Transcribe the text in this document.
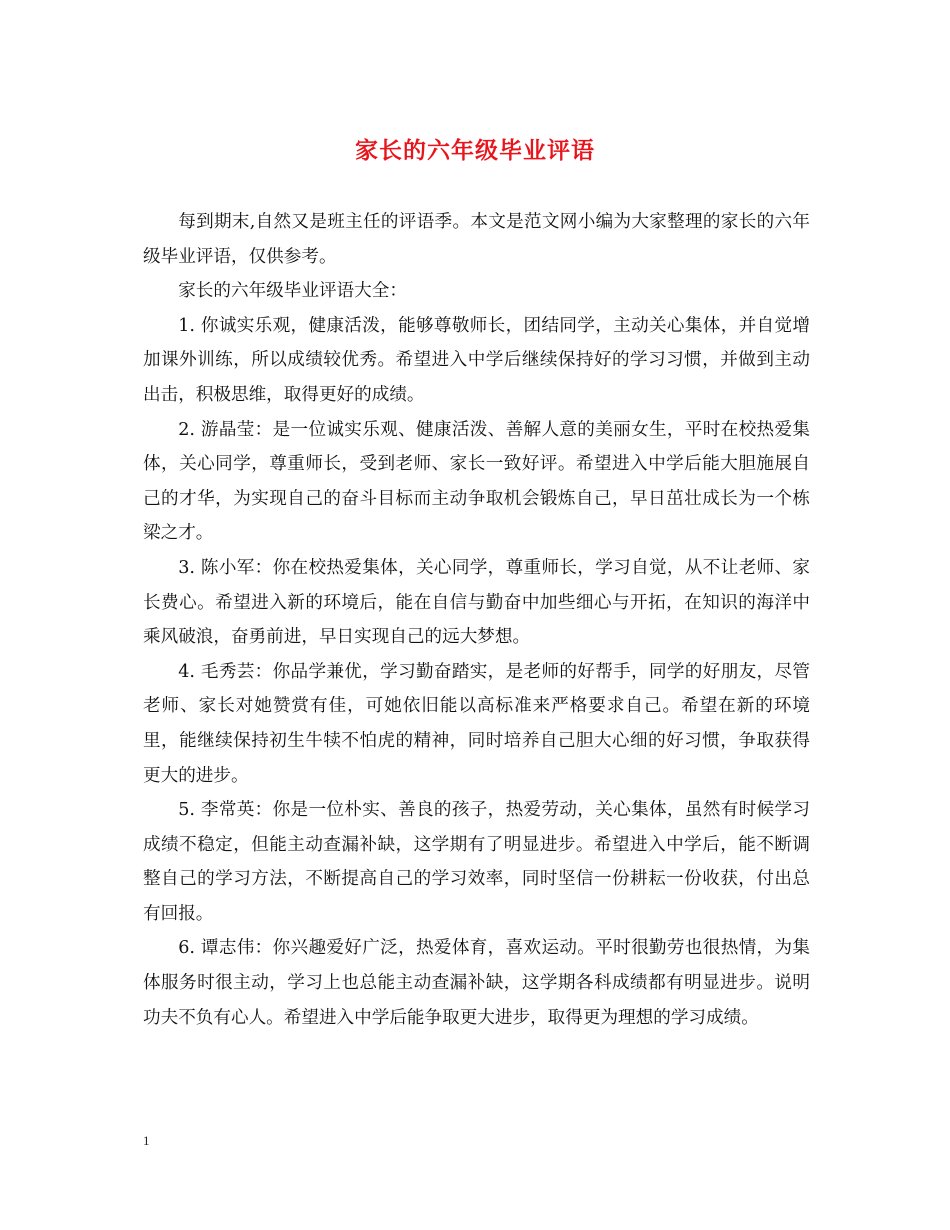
家长的六年级毕业评语

每到期末,自然又是班主任的评语季。本文是范文网小编为大家整理的家长的六年级毕业评语，仅供参考。

家长的六年级毕业评语大全：

1. 你诚实乐观，健康活泼，能够尊敬师长，团结同学，主动关心集体，并自觉增加课外训练，所以成绩较优秀。希望进入中学后继续保持好的学习习惯，并做到主动出击，积极思维，取得更好的成绩。

2. 游晶莹：是一位诚实乐观、健康活泼、善解人意的美丽女生，平时在校热爱集体，关心同学，尊重师长，受到老师、家长一致好评。希望进入中学后能大胆施展自己的才华，为实现自己的奋斗目标而主动争取机会锻炼自己，早日茁壮成长为一个栋梁之才。

3. 陈小军：你在校热爱集体，关心同学，尊重师长，学习自觉，从不让老师、家长费心。希望进入新的环境后，能在自信与勤奋中加些细心与开拓，在知识的海洋中乘风破浪，奋勇前进，早日实现自己的远大梦想。

4. 毛秀芸：你品学兼优，学习勤奋踏实，是老师的好帮手，同学的好朋友，尽管老师、家长对她赞赏有佳，可她依旧能以高标准来严格要求自己。希望在新的环境里，能继续保持初生牛犊不怕虎的精神，同时培养自己胆大心细的好习惯，争取获得更大的进步。

5. 李常英：你是一位朴实、善良的孩子，热爱劳动，关心集体，虽然有时候学习成绩不稳定，但能主动查漏补缺，这学期有了明显进步。希望进入中学后，能不断调整自己的学习方法，不断提高自己的学习效率，同时坚信一份耕耘一份收获，付出总有回报。

6. 谭志伟：你兴趣爱好广泛，热爱体育，喜欢运动。平时很勤劳也很热情，为集体服务时很主动，学习上也总能主动查漏补缺，这学期各科成绩都有明显进步。说明功夫不负有心人。希望进入中学后能争取更大进步，取得更为理想的学习成绩。

1
